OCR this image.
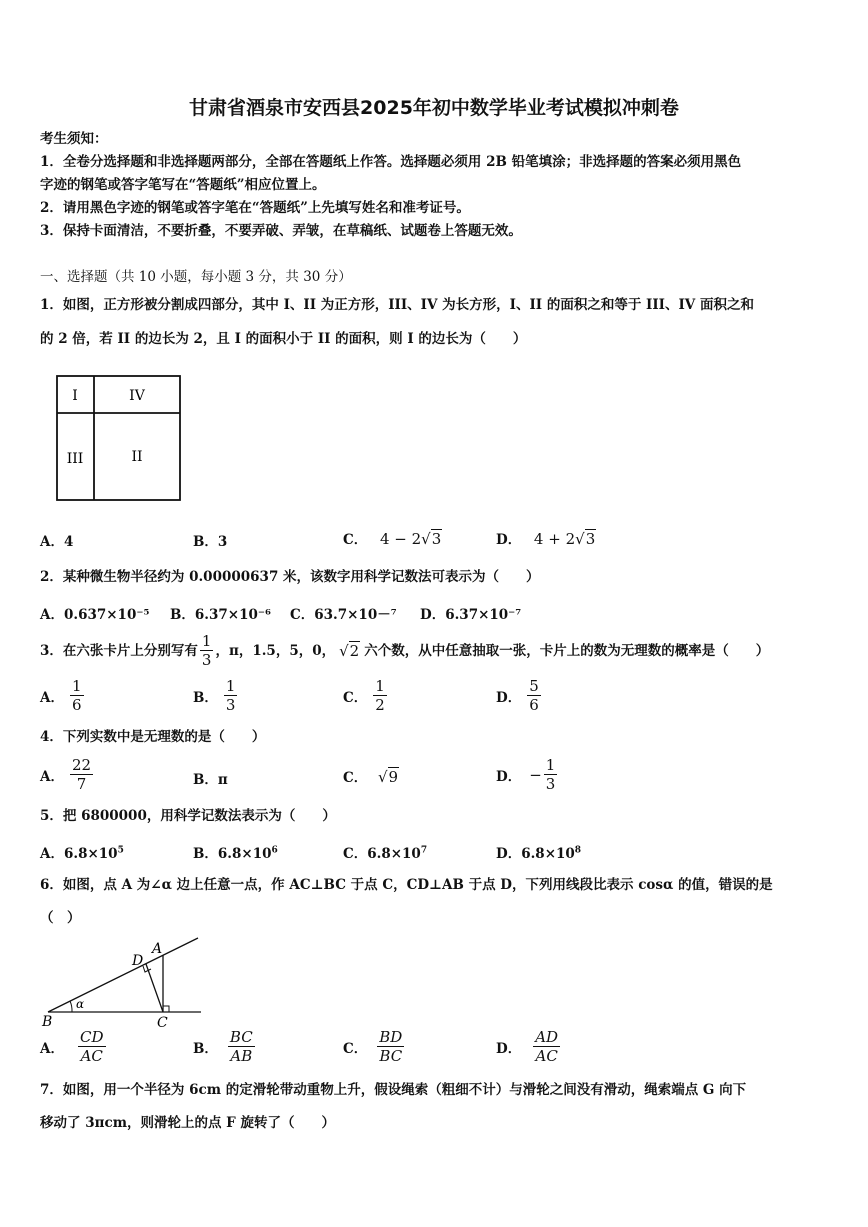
甘肃省酒泉市安西县2025年初中数学毕业考试模拟冲刺卷
考生须知：
1．全卷分选择题和非选择题两部分，全部在答题纸上作答。选择题必须用 2B 铅笔填涂；非选择题的答案必须用黑色
字迹的钢笔或答字笔写在“答题纸”相应位置上。
2．请用黑色字迹的钢笔或答字笔在“答题纸”上先填写姓名和准考证号。
3．保持卡面清洁，不要折叠，不要弄破、弄皱，在草稿纸、试题卷上答题无效。
一、选择题（共 10 小题，每小题 3 分，共 30 分）
1．如图，正方形被分割成四部分，其中 I、II 为正方形，III、IV 为长方形，I、II 的面积之和等于 III、IV 面积之和
的 2 倍，若 II 的边长为 2，且 I 的面积小于 II 的面积，则 I 的边长为（　　）
I	IV
III	II
A．4	B．3	C． 4 − 2√3	D． 4 + 2√3
2．某种微生物半径约为 0.00000637 米，该数字用科学记数法可表示为（　　）
A．0.637×10⁻⁵ B．6.37×10⁻⁶ C．63.7×10－⁷ D．6.37×10⁻⁷
3．在六张卡片上分别写有 $\frac{1}{3}$ ，π，1.5，5，0， √2 六个数，从中任意抽取一张，卡片上的数为无理数的概率是（　　）
A． $\frac{1}{6}$	B． $\frac{1}{3}$	C． $\frac{1}{2}$	D． $\frac{5}{6}$
4．下列实数中是无理数的是（　　）
A． $\frac{22}{7}$	B．π	C． √9	D． − $\frac{1}{3}$
5．把 6800000，用科学记数法表示为（　　）
A．$6.8\times 10^5$	B．$6.8\times 10^6$	C．$6.8\times 10^7$	D．$6.8\times 10^8$
6．如图，点 A 为∠α 边上任意一点，作 AC⊥BC 于点 C，CD⊥AB 于点 D，下列用线段比表示 cosα 的值，错误的是
（　）
B	C
D
A
α
A． $\frac{CD}{AC}$	B． $\frac{BC}{AB}$	C． $\frac{BD}{BC}$	D． $\frac{AD}{AC}$
7．如图，用一个半径为 6cm 的定滑轮带动重物上升，假设绳索（粗细不计）与滑轮之间没有滑动，绳索端点 G 向下
移动了 3πcm，则滑轮上的点 F 旋转了（　　）
